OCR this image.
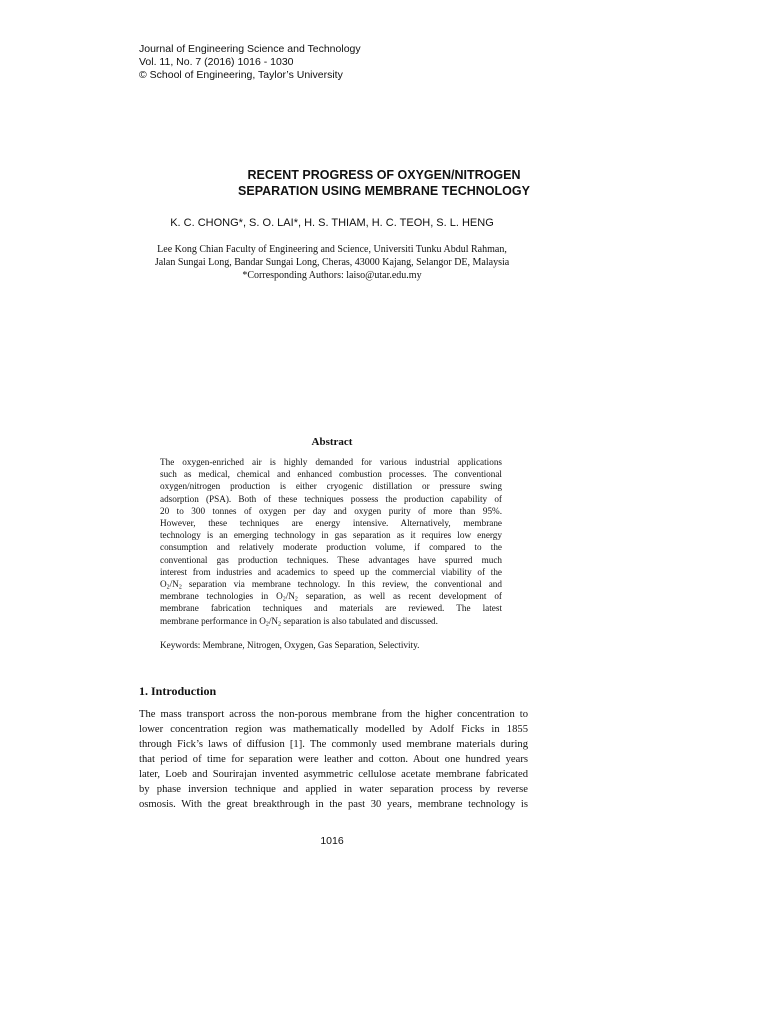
Journal of Engineering Science and Technology
Vol. 11, No. 7 (2016) 1016 - 1030
© School of Engineering, Taylor’s University
RECENT PROGRESS OF OXYGEN/NITROGEN
SEPARATION USING MEMBRANE TECHNOLOGY
K. C. CHONG*, S. O. LAI*, H. S. THIAM, H. C. TEOH, S. L. HENG
Lee Kong Chian Faculty of Engineering and Science, Universiti Tunku Abdul Rahman,
Jalan Sungai Long, Bandar Sungai Long, Cheras, 43000 Kajang, Selangor DE, Malaysia
*Corresponding Authors: laiso@utar.edu.my
Abstract
The oxygen-enriched air is highly demanded for various industrial applications
such as medical, chemical and enhanced combustion processes. The conventional
oxygen/nitrogen production is either cryogenic distillation or pressure swing
adsorption (PSA). Both of these techniques possess the production capability of
20 to 300 tonnes of oxygen per day and oxygen purity of more than 95%.
However, these techniques are energy intensive. Alternatively, membrane
technology is an emerging technology in gas separation as it requires low energy
consumption and relatively moderate production volume, if compared to the
conventional gas production techniques. These advantages have spurred much
interest from industries and academics to speed up the commercial viability of the
$O_2/N_2$ separation via membrane technology. In this review, the conventional and
membrane technologies in $O_2/N_2$ separation, as well as recent development of
membrane fabrication techniques and materials are reviewed. The latest
membrane performance in $O_2/N_2$ separation is also tabulated and discussed.
Keywords: Membrane, Nitrogen, Oxygen, Gas Separation, Selectivity.
1. Introduction
The mass transport across the non-porous membrane from the higher concentration to
lower concentration region was mathematically modelled by Adolf Ficks in 1855
through Fick’s laws of diffusion [1]. The commonly used membrane materials during
that period of time for separation were leather and cotton. About one hundred years
later, Loeb and Sourirajan invented asymmetric cellulose acetate membrane fabricated
by phase inversion technique and applied in water separation process by reverse
osmosis. With the great breakthrough in the past 30 years, membrane technology is
1016
